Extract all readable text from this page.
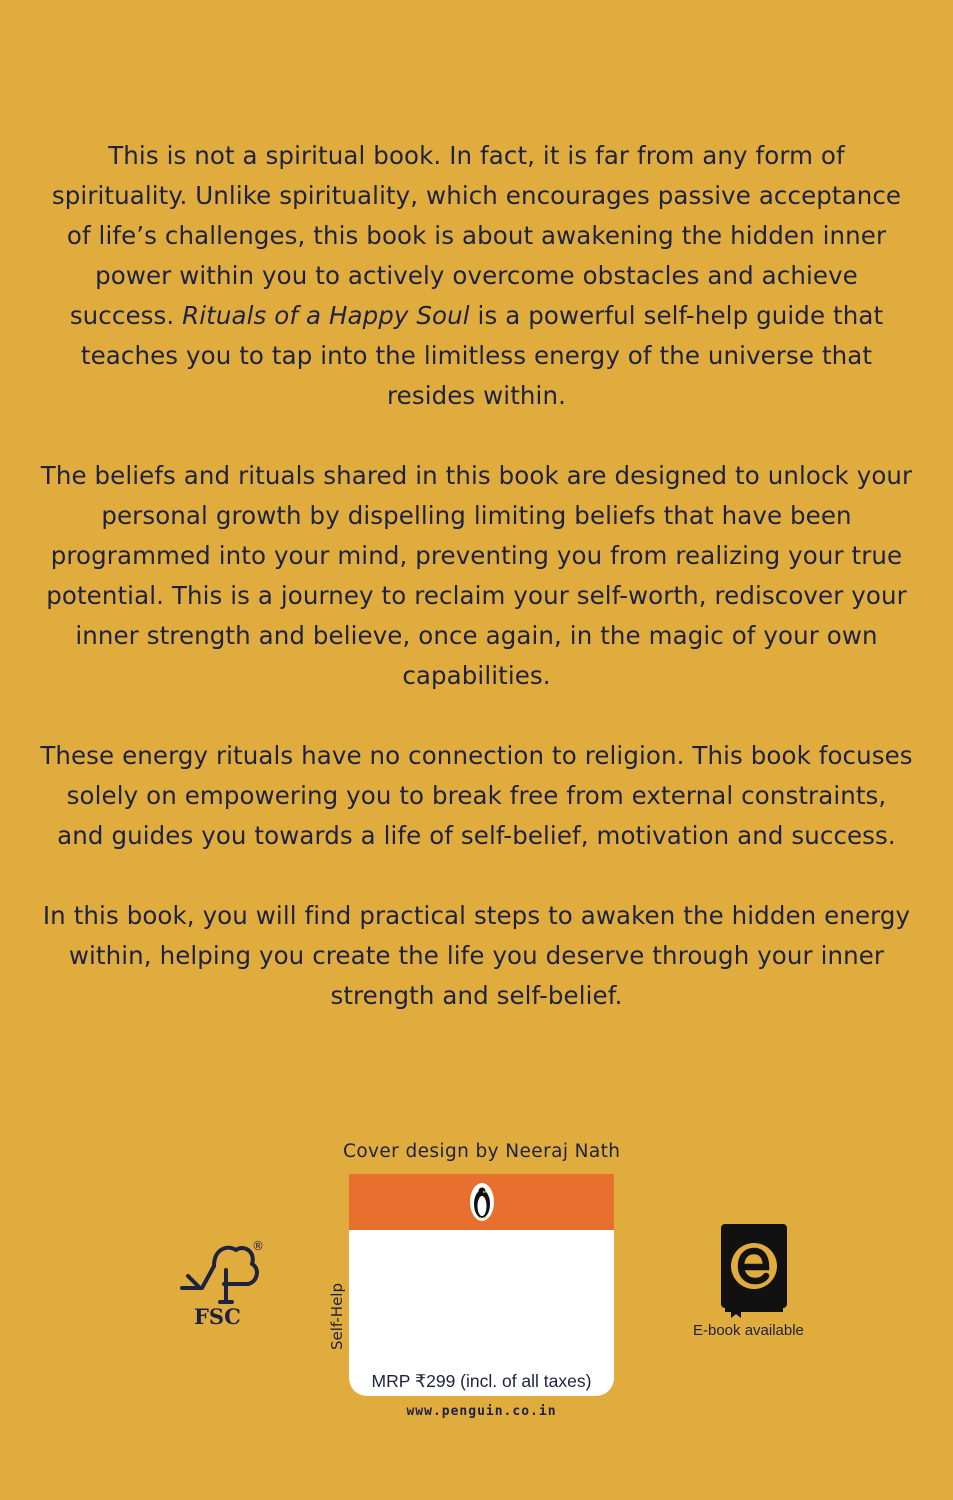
This is not a spiritual book. In fact, it is far from any form of spirituality. Unlike spirituality, which encourages passive acceptance of life’s challenges, this book is about awakening the hidden inner power within you to actively overcome obstacles and achieve success. Rituals of a Happy Soul is a powerful self-help guide that teaches you to tap into the limitless energy of the universe that resides within.

The beliefs and rituals shared in this book are designed to unlock your personal growth by dispelling limiting beliefs that have been programmed into your mind, preventing you from realizing your true potential. This is a journey to reclaim your self-worth, rediscover your inner strength and believe, once again, in the magic of your own capabilities.

These energy rituals have no connection to religion. This book focuses solely on empowering you to break free from external constraints, and guides you towards a life of self-belief, motivation and success.

In this book, you will find practical steps to awaken the hidden energy within, helping you create the life you deserve through your inner strength and self-belief.

Cover design by Neeraj Nath
®
FSC	Self-Help
MRP ₹299 (incl. of all taxes)
www.penguin.co.in
E-book available
